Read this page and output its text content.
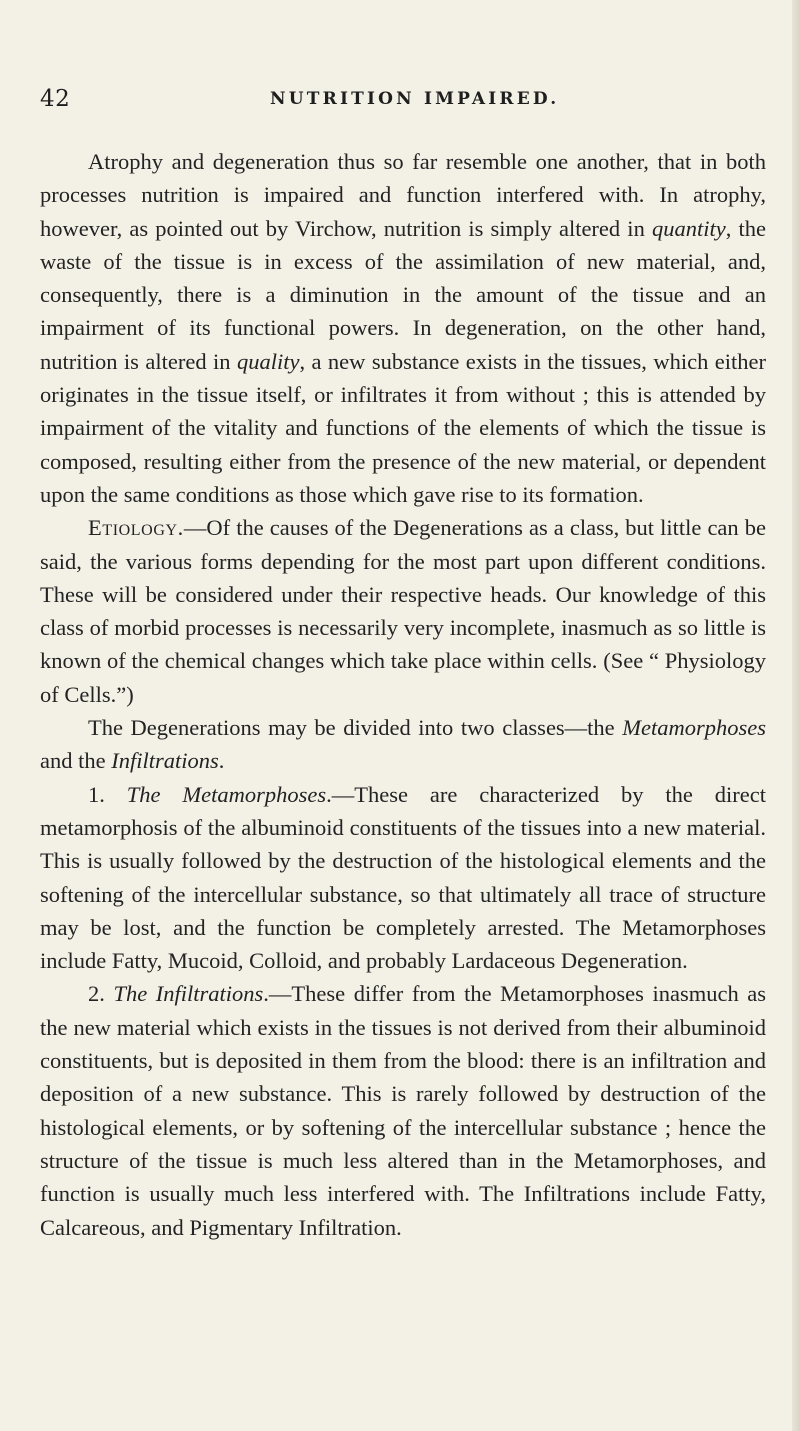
42	NUTRITION IMPAIRED.

Atrophy and degeneration thus so far resemble one another, that in both processes nutrition is impaired and function interfered with. In atrophy, however, as pointed out by Virchow, nutrition is simply altered in quantity, the waste of the tissue is in excess of the assimilation of new material, and, consequently, there is a diminution in the amount of the tissue and an impairment of its functional powers. In degeneration, on the other hand, nutrition is altered in quality, a new substance exists in the tissues, which either originates in the tissue itself, or infiltrates it from without ; this is attended by impairment of the vitality and functions of the elements of which the tissue is composed, resulting either from the presence of the new material, or dependent upon the same conditions as those which gave rise to its formation.

Etiology.—Of the causes of the Degenerations as a class, but little can be said, the various forms depending for the most part upon different conditions. These will be considered under their respective heads. Our knowledge of this class of morbid processes is necessarily very incomplete, inasmuch as so little is known of the chemical changes which take place within cells. (See “ Physiology of Cells.”)

The Degenerations may be divided into two classes—the Metamorphoses and the Infiltrations.

1. The Metamorphoses.—These are characterized by the direct metamorphosis of the albuminoid constituents of the tissues into a new material. This is usually followed by the destruction of the histological elements and the softening of the intercellular substance, so that ultimately all trace of structure may be lost, and the function be completely arrested. The Metamorphoses include Fatty, Mucoid, Colloid, and probably Lardaceous Degeneration.

2. The Infiltrations.—These differ from the Metamorphoses inasmuch as the new material which exists in the tissues is not derived from their albuminoid constituents, but is deposited in them from the blood: there is an infiltration and deposition of a new substance. This is rarely followed by destruction of the histological elements, or by softening of the intercellular substance ; hence the structure of the tissue is much less altered than in the Metamorphoses, and function is usually much less interfered with. The Infiltrations include Fatty, Calcareous, and Pigmentary Infiltration.
